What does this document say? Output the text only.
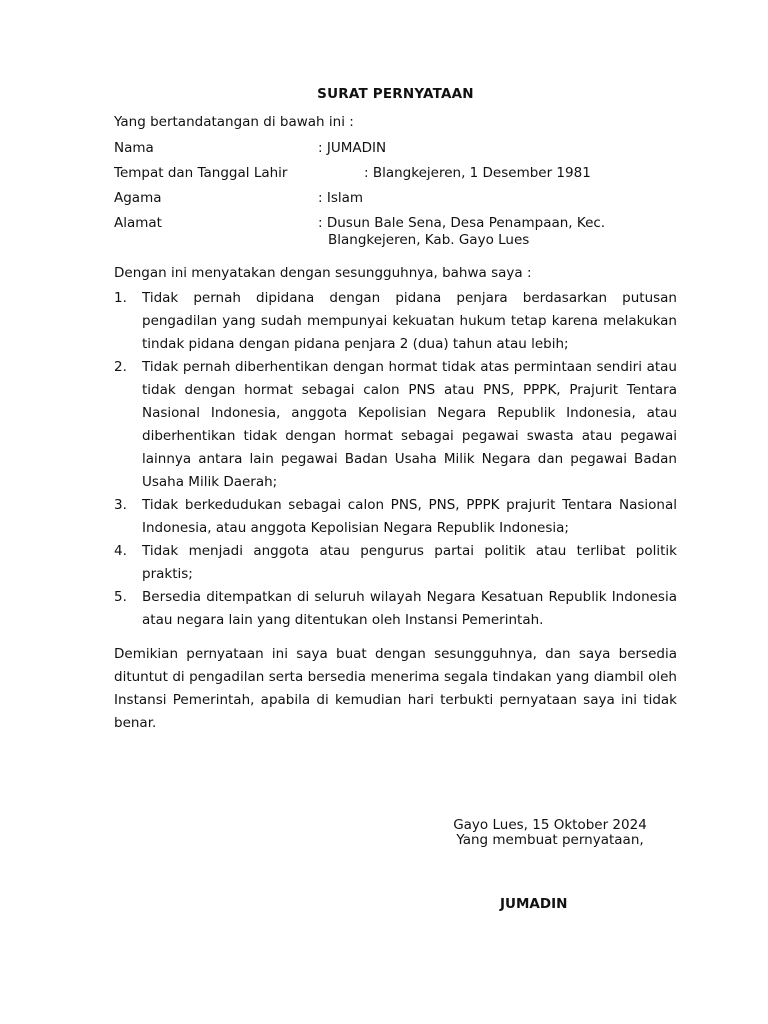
SURAT PERNYATAAN
Yang bertandatangan di bawah ini :
Nama	: JUMADIN
Tempat dan Tanggal Lahir	: Blangkejeren, 1 Desember 1981
Agama	: Islam
Alamat	: Dusun Bale Sena, Desa Penampaan, Kec.
Blangkejeren, Kab. Gayo Lues
Dengan ini menyatakan dengan sesungguhnya, bahwa saya :
1.	Tidak pernah dipidana dengan pidana penjara berdasarkan putusan pengadilan yang sudah mempunyai kekuatan hukum tetap karena melakukan tindak pidana dengan pidana penjara 2 (dua) tahun atau lebih;
2.	Tidak pernah diberhentikan dengan hormat tidak atas permintaan sendiri atau tidak dengan hormat sebagai calon PNS atau PNS, PPPK, Prajurit Tentara Nasional Indonesia, anggota Kepolisian Negara Republik Indonesia, atau diberhentikan tidak dengan hormat sebagai pegawai swasta atau pegawai lainnya antara lain pegawai Badan Usaha Milik Negara dan pegawai Badan Usaha Milik Daerah;
3.	Tidak berkedudukan sebagai calon PNS, PNS, PPPK prajurit Tentara Nasional Indonesia, atau anggota Kepolisian Negara Republik Indonesia;
4.	Tidak menjadi anggota atau pengurus partai politik atau terlibat politik praktis;
5.	Bersedia ditempatkan di seluruh wilayah Negara Kesatuan Republik Indonesia atau negara lain yang ditentukan oleh Instansi Pemerintah.
Demikian pernyataan ini saya buat dengan sesungguhnya, dan saya bersedia dituntut di pengadilan serta bersedia menerima segala tindakan yang diambil oleh Instansi Pemerintah, apabila di kemudian hari terbukti pernyataan saya ini tidak benar.
Gayo Lues, 15 Oktober 2024
Yang membuat pernyataan,
JUMADIN
